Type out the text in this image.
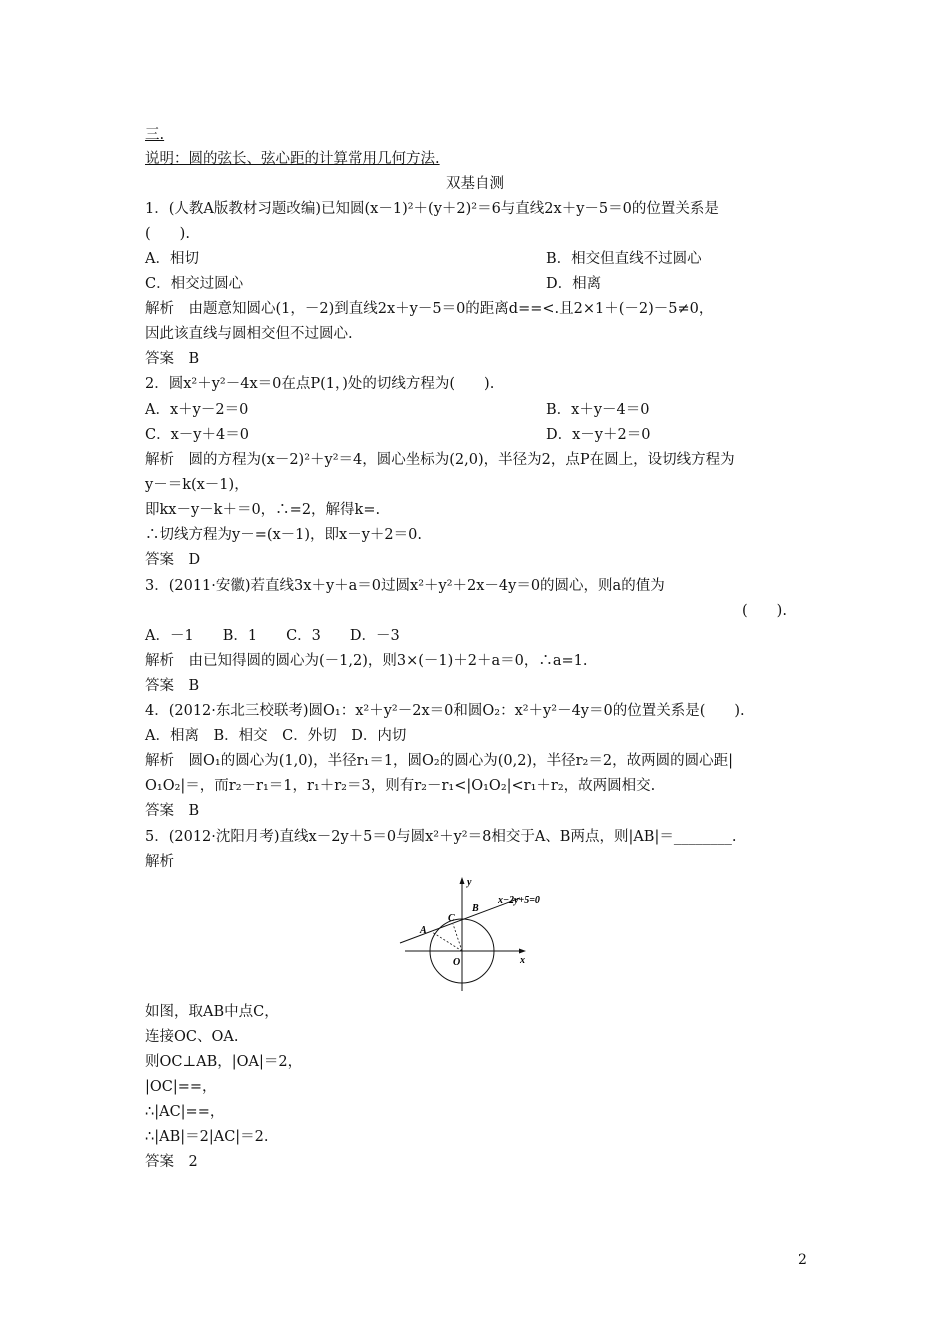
三.
说明：圆的弦长、弦心距的计算常用几何方法.
双基自测
1．(人教A版教材习题改编)已知圆(x－1)²＋(y＋2)²＝6与直线2x＋y－5＝0的位置关系是
(　　).
A．相切	B．相交但直线不过圆心
C．相交过圆心	D．相离
解析　由题意知圆心(1，－2)到直线2x＋y－5＝0的距离d==<.且2×1＋(－2)－5≠0，
因此该直线与圆相交但不过圆心.
答案　B
2．圆x²＋y²－4x＝0在点P(1，)处的切线方程为(　　).
A．x＋y－2＝0	B．x＋y－4＝0
C．x－y＋4＝0	D．x－y＋2＝0
解析　圆的方程为(x－2)²＋y²＝4，圆心坐标为(2,0)，半径为2，点P在圆上，设切线方程为
y－＝k(x－1)，
即kx－y－k＋＝0，∴=2，解得k=.
∴切线方程为y－=(x－1)，即x－y＋2＝0.
答案　D
3．(2011·安徽)若直线3x＋y＋a＝0过圆x²＋y²＋2x－4y＝0的圆心，则a的值为
(　　).
A．－1　　B．1　　C．3　　D．－3
解析　由已知得圆的圆心为(－1,2)，则3×(－1)＋2＋a＝0，∴a=1.
答案　B
4．(2012·东北三校联考)圆O₁：x²＋y²－2x＝0和圆O₂：x²＋y²－4y＝0的位置关系是(　　).
A．相离　B．相交　C．外切　D．内切
解析　圆O₁的圆心为(1,0)，半径r₁＝1，圆O₂的圆心为(0,2)，半径r₂＝2，故两圆的圆心距|
O₁O₂|＝，而r₂－r₁＝1，r₁＋r₂＝3，则有r₂－r₁<|O₁O₂|<r₁＋r₂，故两圆相交.
答案　B
5．(2012·沈阳月考)直线x－2y＋5＝0与圆x²＋y²＝8相交于A、B两点，则|AB|＝________.
解析
x−2y+5=0
y
x
A
B
C
O
如图，取AB中点C，
连接OC、OA.
则OC⊥AB，|OA|＝2，
|OC|==，
∴|AC|==，
∴|AB|＝2|AC|＝2.
答案　2
2
